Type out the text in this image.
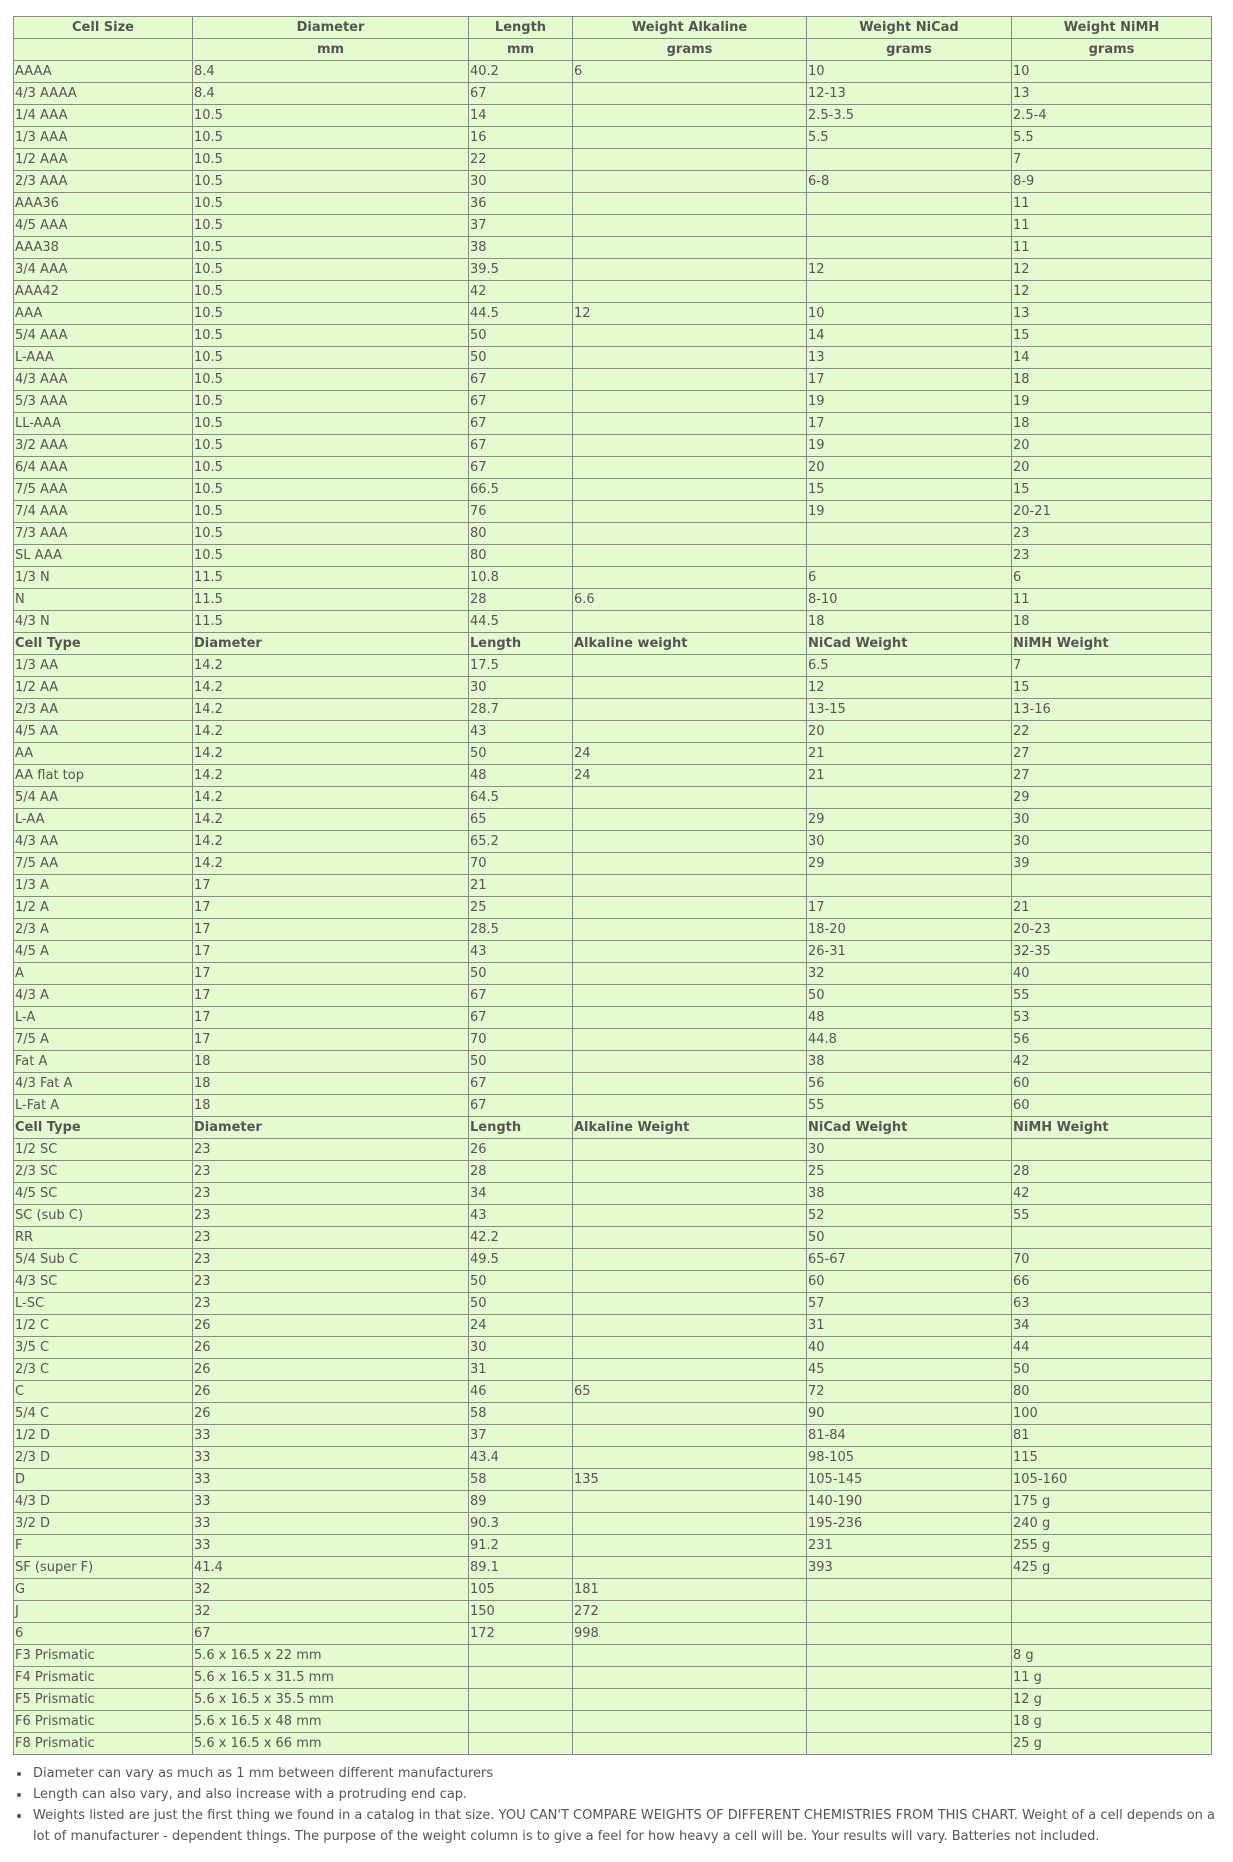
Cell Size	Diameter	Length	Weight Alkaline	Weight NiCad	Weight NiMH
	mm	mm	grams	grams	grams
AAAA	8.4	40.2	6	10	10
4/3 AAAA	8.4	67		12-13	13
1/4 AAA	10.5	14		2.5-3.5	2.5-4
1/3 AAA	10.5	16		5.5	5.5
1/2 AAA	10.5	22			7
2/3 AAA	10.5	30		6-8	8-9
AAA36	10.5	36			11
4/5 AAA	10.5	37			11
AAA38	10.5	38			11
3/4 AAA	10.5	39.5		12	12
AAA42	10.5	42			12
AAA	10.5	44.5	12	10	13
5/4 AAA	10.5	50		14	15
L-AAA	10.5	50		13	14
4/3 AAA	10.5	67		17	18
5/3 AAA	10.5	67		19	19
LL-AAA	10.5	67		17	18
3/2 AAA	10.5	67		19	20
6/4 AAA	10.5	67		20	20
7/5 AAA	10.5	66.5		15	15
7/4 AAA	10.5	76		19	20-21
7/3 AAA	10.5	80			23
SL AAA	10.5	80			23
1/3 N	11.5	10.8		6	6
N	11.5	28	6.6	8-10	11
4/3 N	11.5	44.5		18	18
Cell Type	Diameter	Length	Alkaline weight	NiCad Weight	NiMH Weight
1/3 AA	14.2	17.5		6.5	7
1/2 AA	14.2	30		12	15
2/3 AA	14.2	28.7		13-15	13-16
4/5 AA	14.2	43		20	22
AA	14.2	50	24	21	27
AA flat top	14.2	48	24	21	27
5/4 AA	14.2	64.5			29
L-AA	14.2	65		29	30
4/3 AA	14.2	65.2		30	30
7/5 AA	14.2	70		29	39
1/3 A	17	21			
1/2 A	17	25		17	21
2/3 A	17	28.5		18-20	20-23
4/5 A	17	43		26-31	32-35
A	17	50		32	40
4/3 A	17	67		50	55
L-A	17	67		48	53
7/5 A	17	70		44.8	56
Fat A	18	50		38	42
4/3 Fat A	18	67		56	60
L-Fat A	18	67		55	60
Cell Type	Diameter	Length	Alkaline Weight	NiCad Weight	NiMH Weight
1/2 SC	23	26		30	
2/3 SC	23	28		25	28
4/5 SC	23	34		38	42
SC (sub C)	23	43		52	55
RR	23	42.2		50	
5/4 Sub C	23	49.5		65-67	70
4/3 SC	23	50		60	66
L-SC	23	50		57	63
1/2 C	26	24		31	34
3/5 C	26	30		40	44
2/3 C	26	31		45	50
C	26	46	65	72	80
5/4 C	26	58		90	100
1/2 D	33	37		81-84	81
2/3 D	33	43.4		98-105	115
D	33	58	135	105-145	105-160
4/3 D	33	89		140-190	175 g
3/2 D	33	90.3		195-236	240 g
F	33	91.2		231	255 g
SF (super F)	41.4	89.1		393	425 g
G	32	105	181		
J	32	150	272		
6	67	172	998		
F3 Prismatic	5.6 x 16.5 x 22 mm				8 g
F4 Prismatic	5.6 x 16.5 x 31.5 mm				11 g
F5 Prismatic	5.6 x 16.5 x 35.5 mm				12 g
F6 Prismatic	5.6 x 16.5 x 48 mm				18 g
F8 Prismatic	5.6 x 16.5 x 66 mm				25 g
• Diameter can vary as much as 1 mm between different manufacturers
• Length can also vary, and also increase with a protruding end cap.
• Weights listed are just the first thing we found in a catalog in that size. YOU CAN'T COMPARE WEIGHTS OF DIFFERENT CHEMISTRIES FROM THIS CHART. Weight of a cell depends on a lot of manufacturer - dependent things. The purpose of the weight column is to give a feel for how heavy a cell will be. Your results will vary. Batteries not included.
